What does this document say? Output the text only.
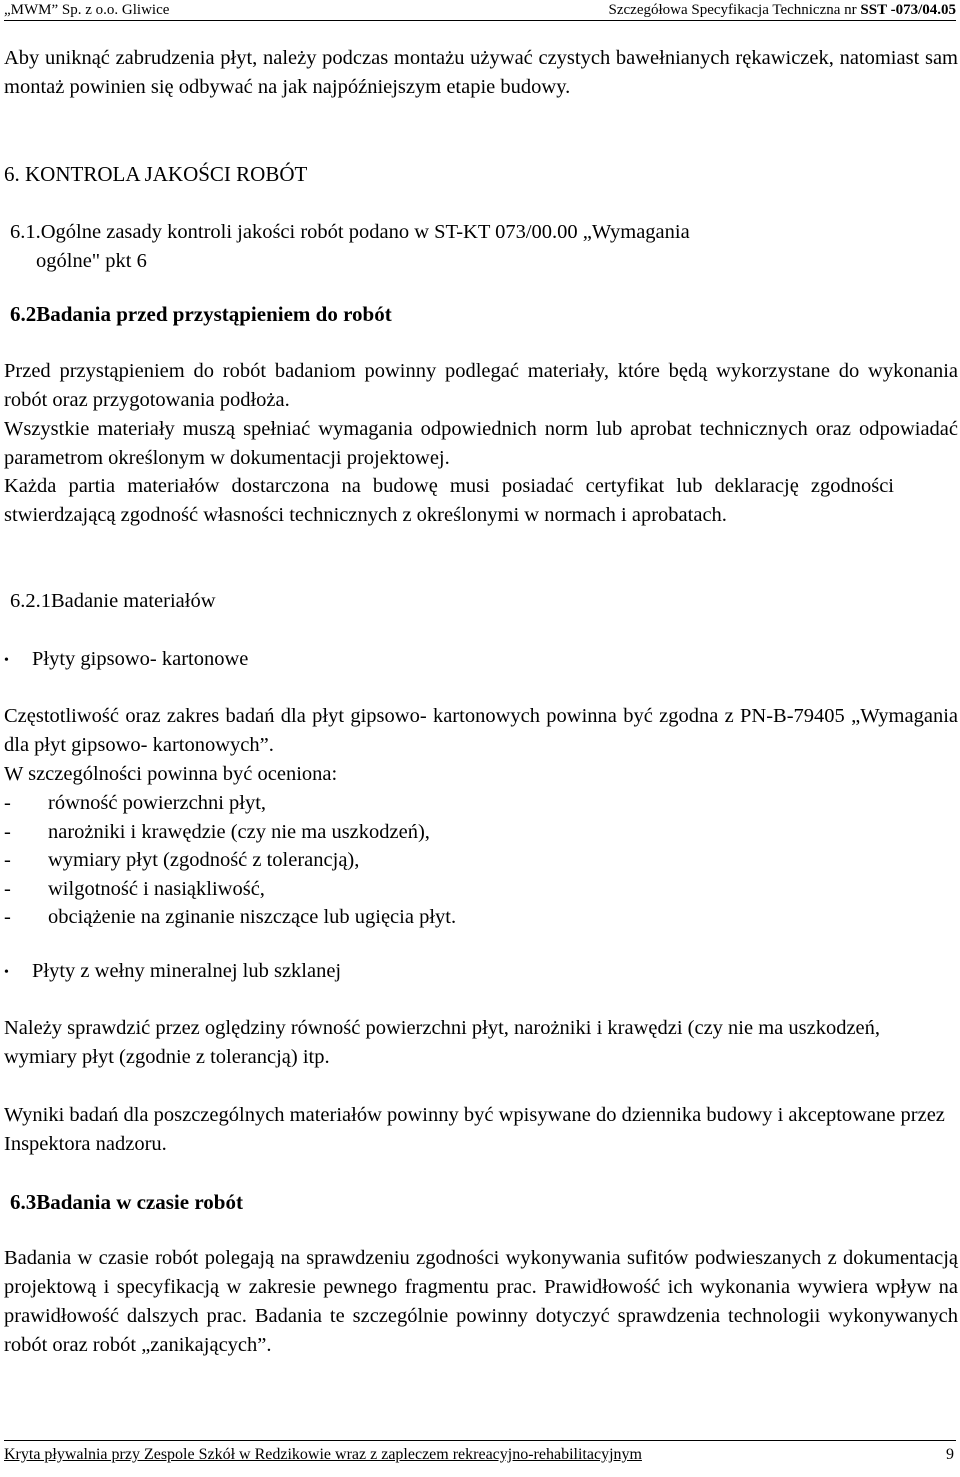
„MWM” Sp. z o.o. Gliwice	Szczegółowa Specyfikacja Techniczna nr SST -073/04.05
Aby uniknąć zabrudzenia płyt, należy podczas montażu używać czystych bawełnianych rękawiczek, natomiast sam montaż powinien się odbywać na jak najpóźniejszym etapie budowy.
6. KONTROLA JAKOŚCI ROBÓT
6.1.Ogólne zasady kontroli jakości robót podano w ST-KT 073/00.00 „Wymagania
ogólne" pkt 6
6.2Badania przed przystąpieniem do robót
Przed przystąpieniem do robót badaniom powinny podlegać materiały, które będą wykorzystane do wykonania robót oraz przygotowania podłoża.
Wszystkie materiały muszą spełniać wymagania odpowiednich norm lub aprobat technicznych oraz odpowiadać parametrom określonym w dokumentacji projektowej.
Każda partia materiałów dostarczona na budowę musi posiadać certyfikat lub deklarację zgodności stwierdzającą zgodność własności technicznych z określonymi w normach i aprobatach.
6.2.1Badanie materiałów
• Płyty gipsowo- kartonowe
Częstotliwość oraz zakres badań dla płyt gipsowo- kartonowych powinna być zgodna z PN-B-79405 „Wymagania dla płyt gipsowo- kartonowych”.
W szczególności powinna być oceniona:
- równość powierzchni płyt,
- narożniki i krawędzie (czy nie ma uszkodzeń),
- wymiary płyt (zgodność z tolerancją),
- wilgotność i nasiąkliwość,
- obciążenie na zginanie niszczące lub ugięcia płyt.
• Płyty z wełny mineralnej lub szklanej
Należy sprawdzić przez oględziny równość powierzchni płyt, narożniki i krawędzi (czy nie ma uszkodzeń, wymiary płyt (zgodnie z tolerancją) itp.
Wyniki badań dla poszczególnych materiałów powinny być wpisywane do dziennika budowy i akceptowane przez Inspektora nadzoru.
6.3Badania w czasie robót
Badania w czasie robót polegają na sprawdzeniu zgodności wykonywania sufitów podwieszanych z dokumentacją projektową i specyfikacją w zakresie pewnego fragmentu prac. Prawidłowość ich wykonania wywiera wpływ na prawidłowość dalszych prac. Badania te szczególnie powinny dotyczyć sprawdzenia technologii wykonywanych robót oraz robót „zanikających”.
Kryta pływalnia przy Zespole Szkół w Redzikowie wraz z zapleczem rekreacyjno-rehabilitacyjnym	9
